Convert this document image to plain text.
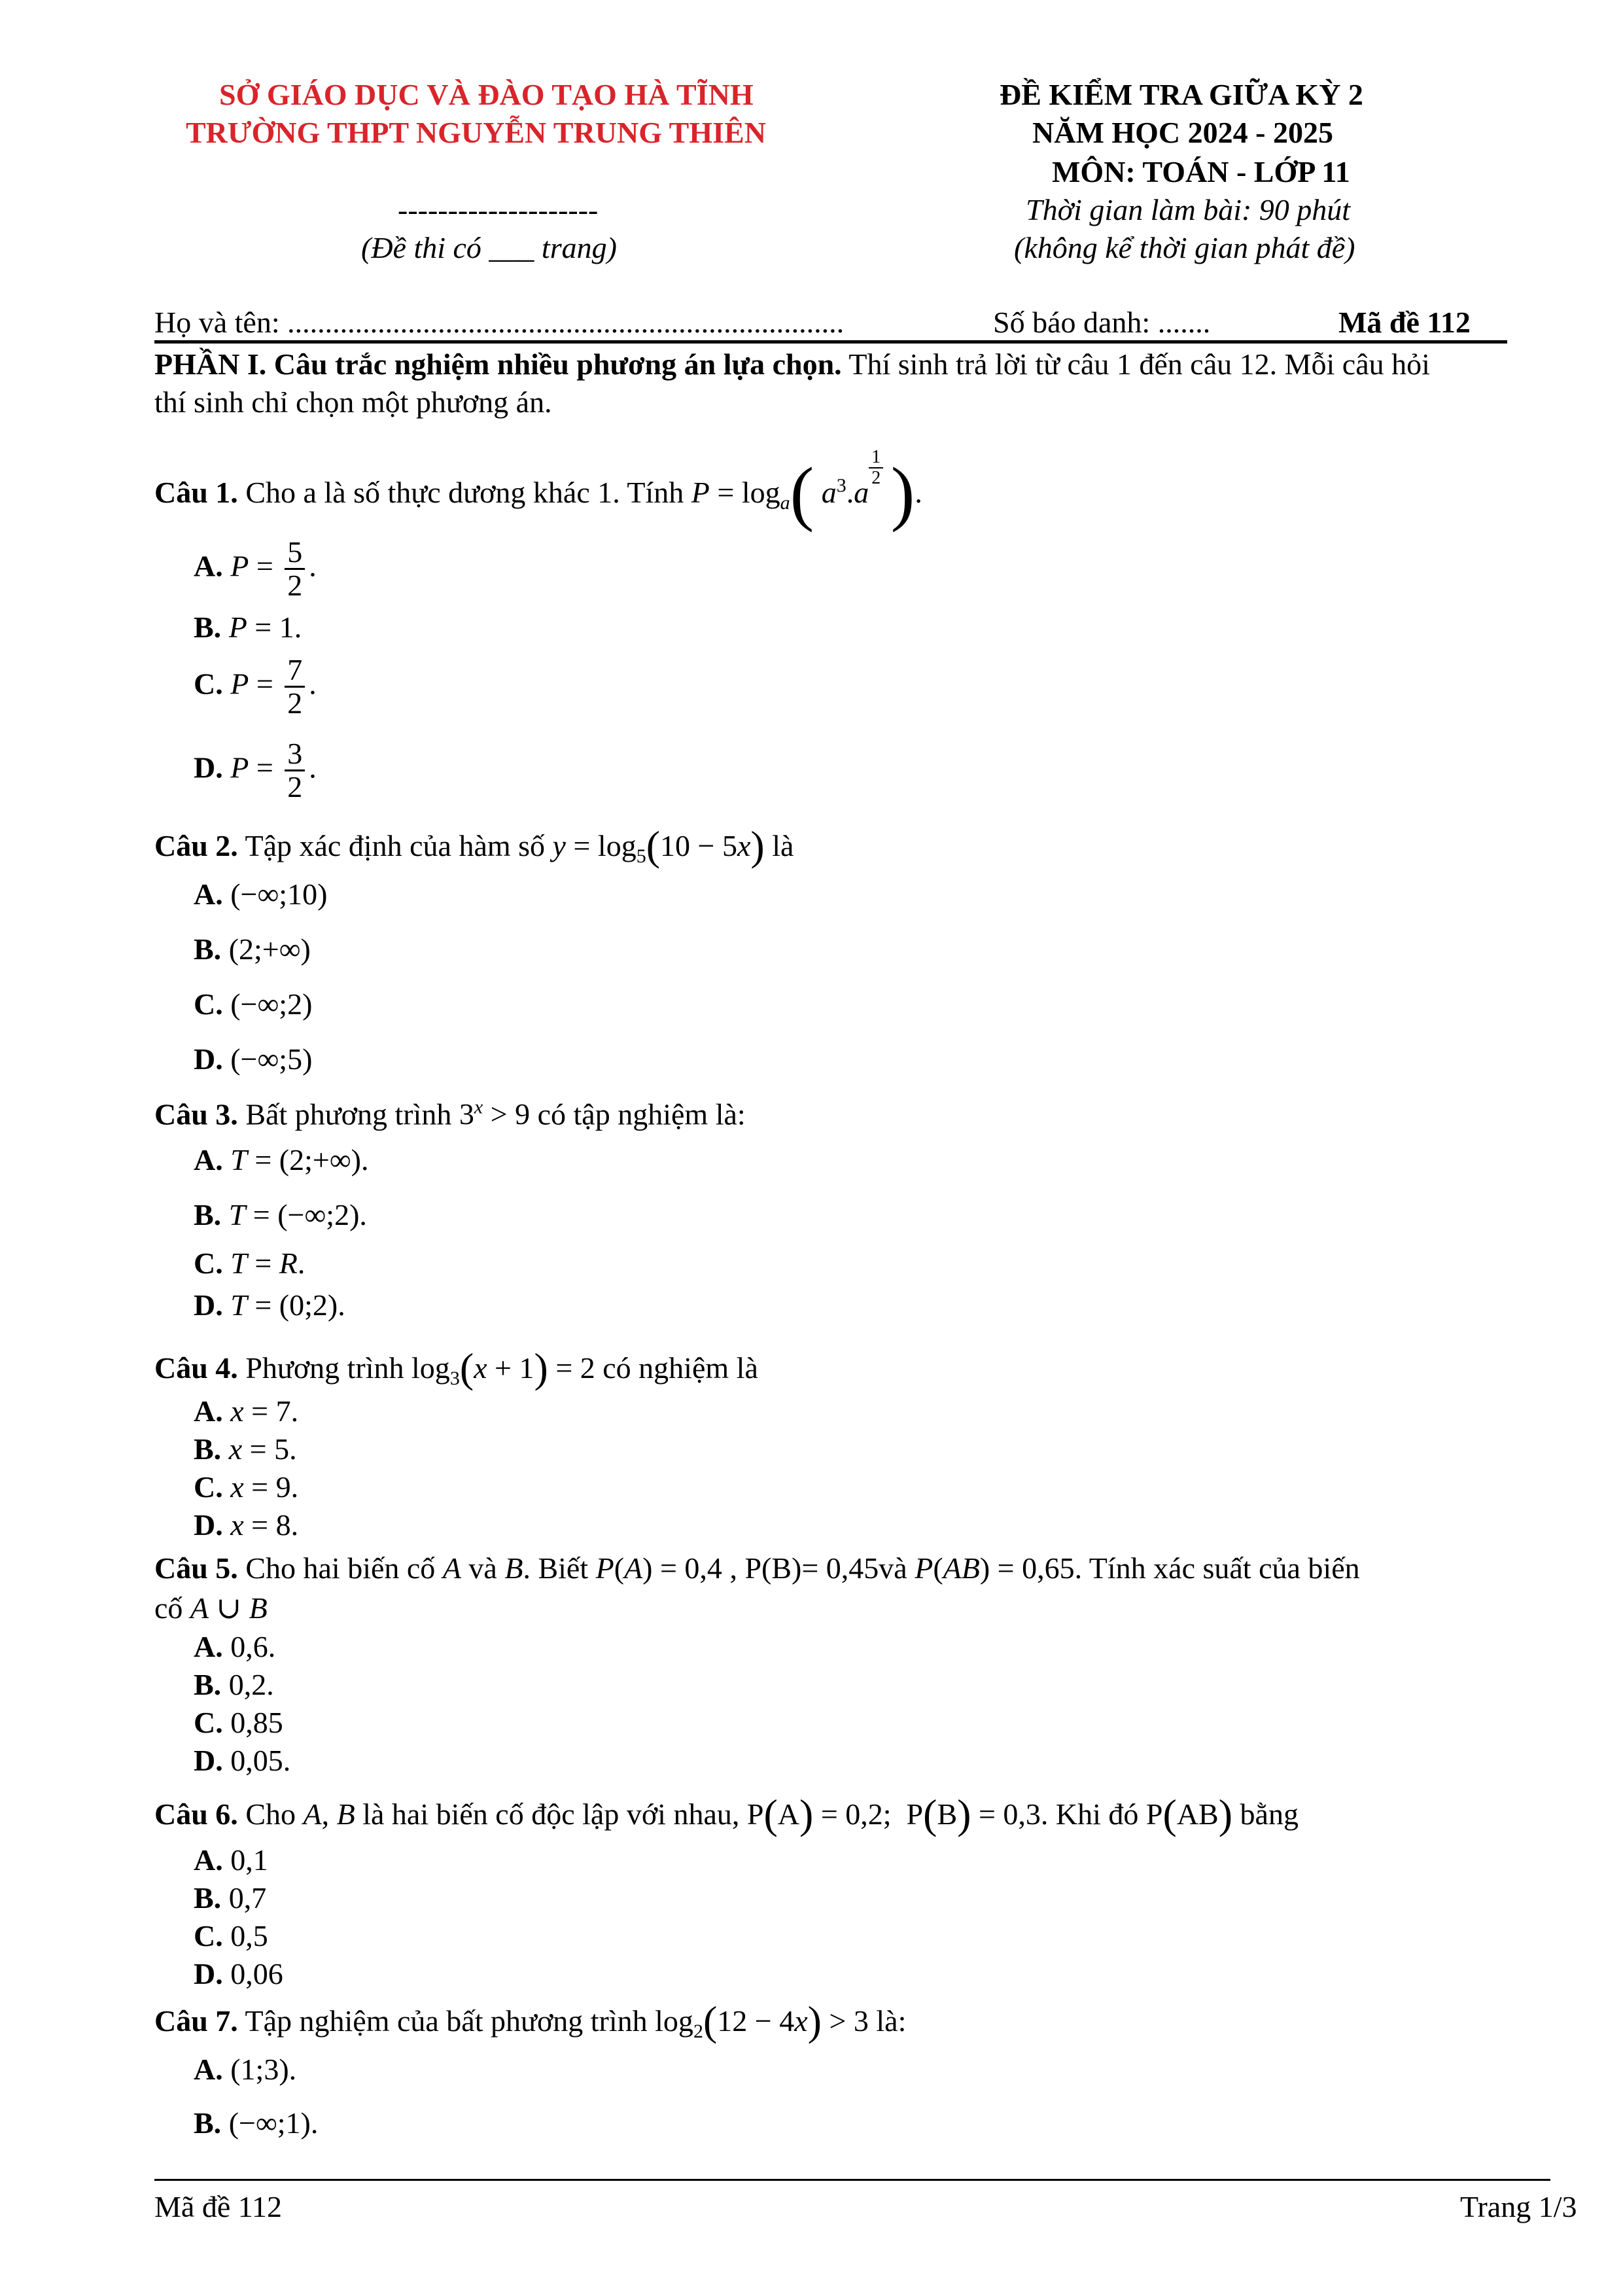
SỞ GIÁO DỤC VÀ ĐÀO TẠO HÀ TĨNH
TRƯỜNG THPT NGUYỄN TRUNG THIÊN
--------------------
(Đề thi có ___ trang)
ĐỀ KIỂM TRA GIỮA KỲ 2
NĂM HỌC 2024 - 2025
MÔN: TOÁN - LỚP 11
Thời gian làm bài: 90 phút
(không kể thời gian phát đề)
Họ và tên: ..........................................................................	Số báo danh: .......	Mã đề 112
PHẦN I. Câu trắc nghiệm nhiều phương án lựa chọn. Thí sinh trả lời từ câu 1 đến câu 12. Mỗi câu hỏi
thí sinh chỉ chọn một phương án.
Câu 1. Cho a là số thực dương khác 1. Tính $P = \log_a$( $a^3.a$
$^{\frac{1}{2}}$ ).
A. $P = \frac{5}{2}$ .
B. P = 1.
C. $P = \frac{7}{2}$ .
D. $P = \frac{3}{2}$ .
Câu 2. Tập xác định của hàm số $y = \log_5(10 - 5x)$ là
A. (−∞;10)
B. (2;+∞)
C. (−∞;2)
D. (−∞;5)
Câu 3. Bất phương trình $3^x > 9$ có tập nghiệm là:
A. T = (2;+∞).
B. T = (−∞;2).
C. T = R.
D. T = (0;2).
Câu 4. Phương trình $\log_3(x + 1) = 2$ có nghiệm là
A. x = 7.
B. x = 5.
C. x = 9.
D. x = 8.
Câu 5. Cho hai biến cố A và B. Biết P(A) = 0,4 , P(B)= 0,45và P(AB) = 0,65. Tính xác suất của biến
cố A ∪ B
A. 0,6.
B. 0,2.
C. 0,85
D. 0,05.
Câu 6. Cho A, B là hai biến cố độc lập với nhau, P(A) = 0,2;  P(B) = 0,3. Khi đó P(AB) bằng
A. 0,1
B. 0,7
C. 0,5
D. 0,06
Câu 7. Tập nghiệm của bất phương trình $\log_2(12 - 4x) > 3$ là:
A. (1;3).
B. (−∞;1).
Mã đề 112	Trang 1/3
